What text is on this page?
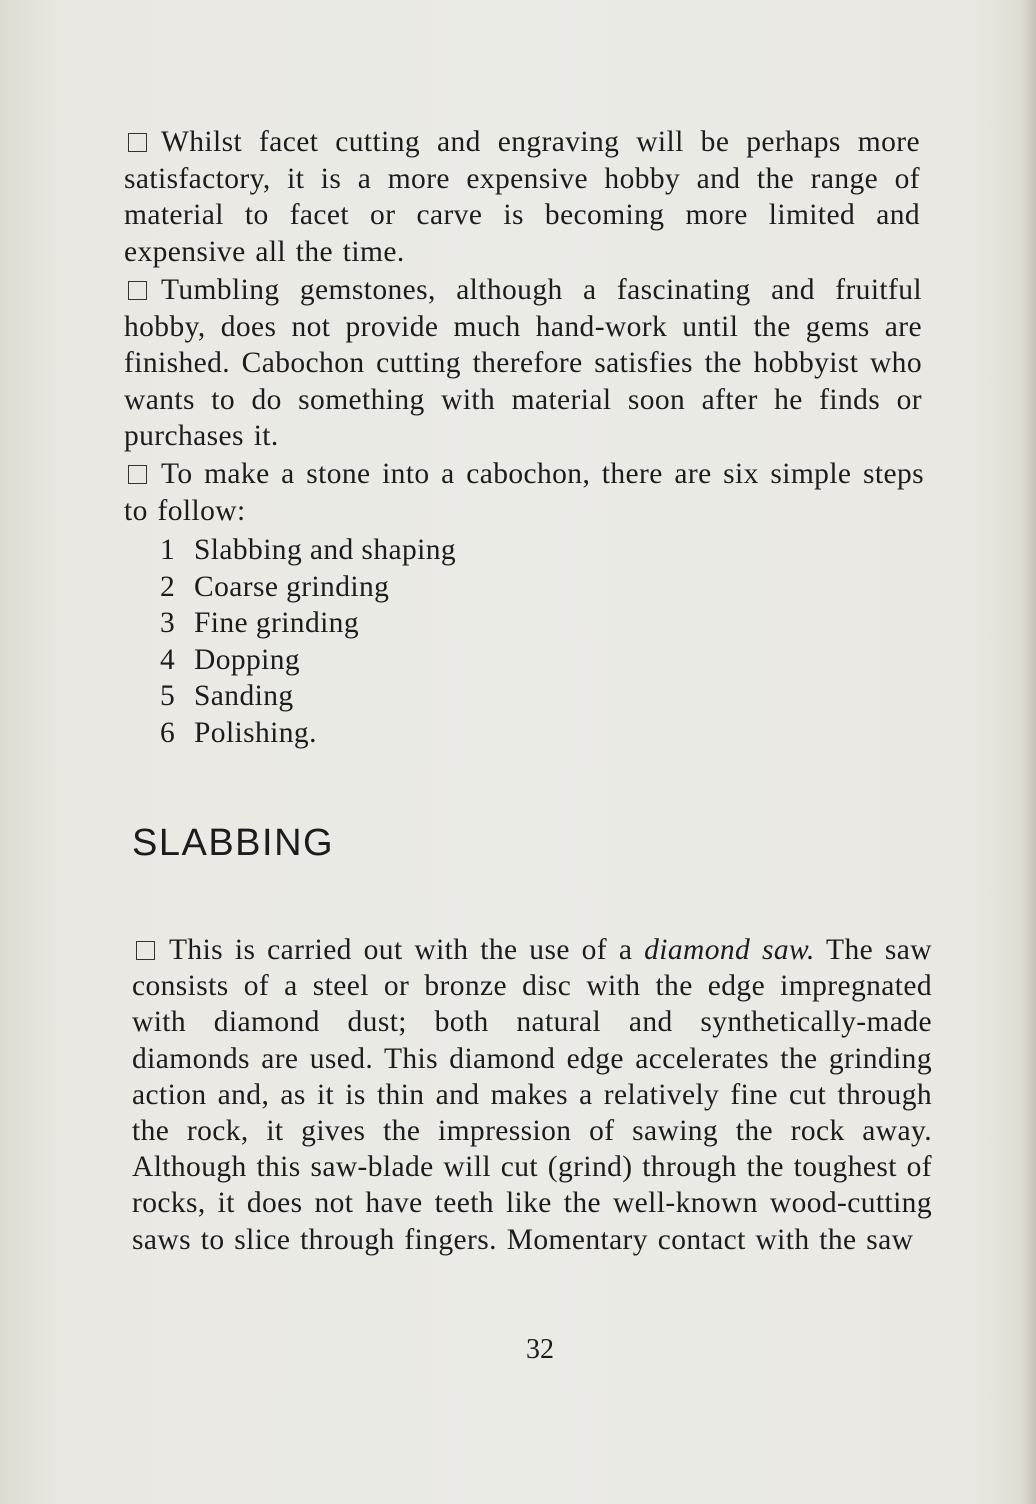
Whilst facet cutting and engraving will be perhaps more satisfactory, it is a more expensive hobby and the range of material to facet or carve is becoming more limited and expensive all the time.

Tumbling gemstones, although a fascinating and fruitful hobby, does not provide much hand-work until the gems are finished. Cabochon cutting therefore satisfies the hobbyist who wants to do something with material soon after he finds or purchases it.

To make a stone into a cabochon, there are six simple steps to follow:

1 Slabbing and shaping
2 Coarse grinding
3 Fine grinding
4 Dopping
5 Sanding
6 Polishing.
SLABBING

This is carried out with the use of a diamond saw. The saw consists of a steel or bronze disc with the edge impregnated with diamond dust; both natural and synthetically-made diamonds are used. This diamond edge accelerates the grinding action and, as it is thin and makes a relatively fine cut through the rock, it gives the impression of sawing the rock away. Although this saw-blade will cut (grind) through the toughest of rocks, it does not have teeth like the well-known wood-cutting saws to slice through fingers. Momentary contact with the saw

32
